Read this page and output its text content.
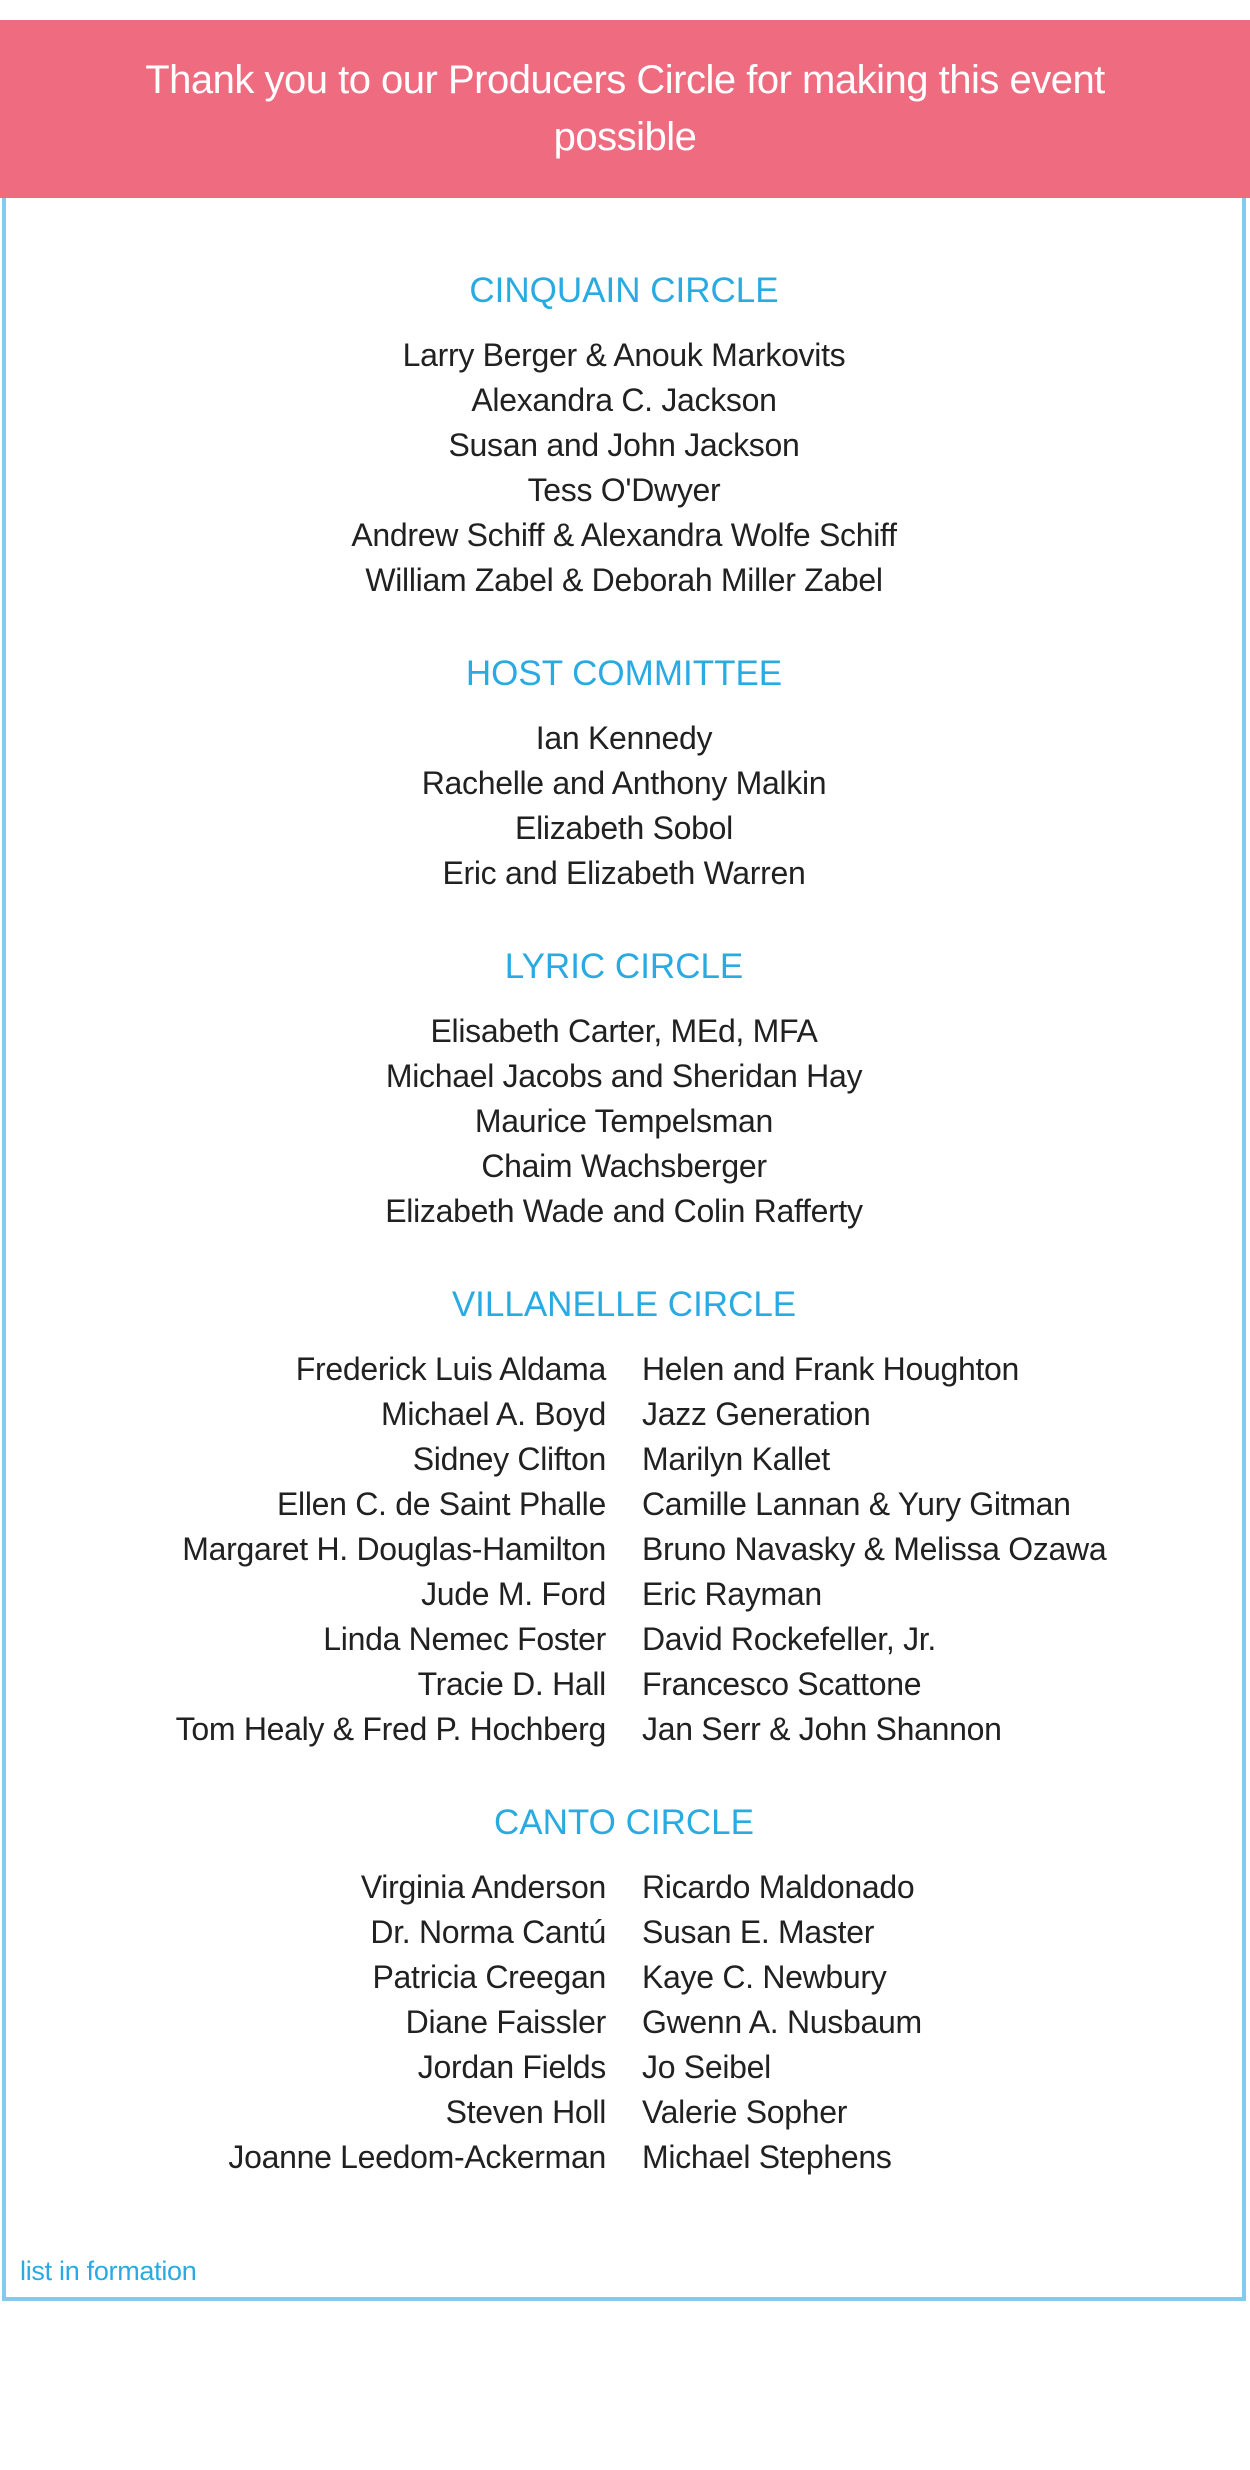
Thank you to our Producers Circle for making this event
possible
CINQUAIN CIRCLE
Larry Berger & Anouk Markovits
Alexandra C. Jackson
Susan and John Jackson
Tess O'Dwyer
Andrew Schiff & Alexandra Wolfe Schiff
William Zabel & Deborah Miller Zabel
HOST COMMITTEE
Ian Kennedy
Rachelle and Anthony Malkin
Elizabeth Sobol
Eric and Elizabeth Warren
LYRIC CIRCLE
Elisabeth Carter, MEd, MFA
Michael Jacobs and Sheridan Hay
Maurice Tempelsman
Chaim Wachsberger
Elizabeth Wade and Colin Rafferty
VILLANELLE CIRCLE
Frederick Luis Aldama
Michael A. Boyd
Sidney Clifton
Ellen C. de Saint Phalle
Margaret H. Douglas-Hamilton
Jude M. Ford
Linda Nemec Foster
Tracie D. Hall
Tom Healy & Fred P. Hochberg
Helen and Frank Houghton
Jazz Generation
Marilyn Kallet
Camille Lannan & Yury Gitman
Bruno Navasky & Melissa Ozawa
Eric Rayman
David Rockefeller, Jr.
Francesco Scattone
Jan Serr & John Shannon
CANTO CIRCLE
Virginia Anderson
Dr. Norma Cantú
Patricia Creegan
Diane Faissler
Jordan Fields
Steven Holl
Joanne Leedom-Ackerman
Ricardo Maldonado
Susan E. Master
Kaye C. Newbury
Gwenn A. Nusbaum
Jo Seibel
Valerie Sopher
Michael Stephens
list in formation
